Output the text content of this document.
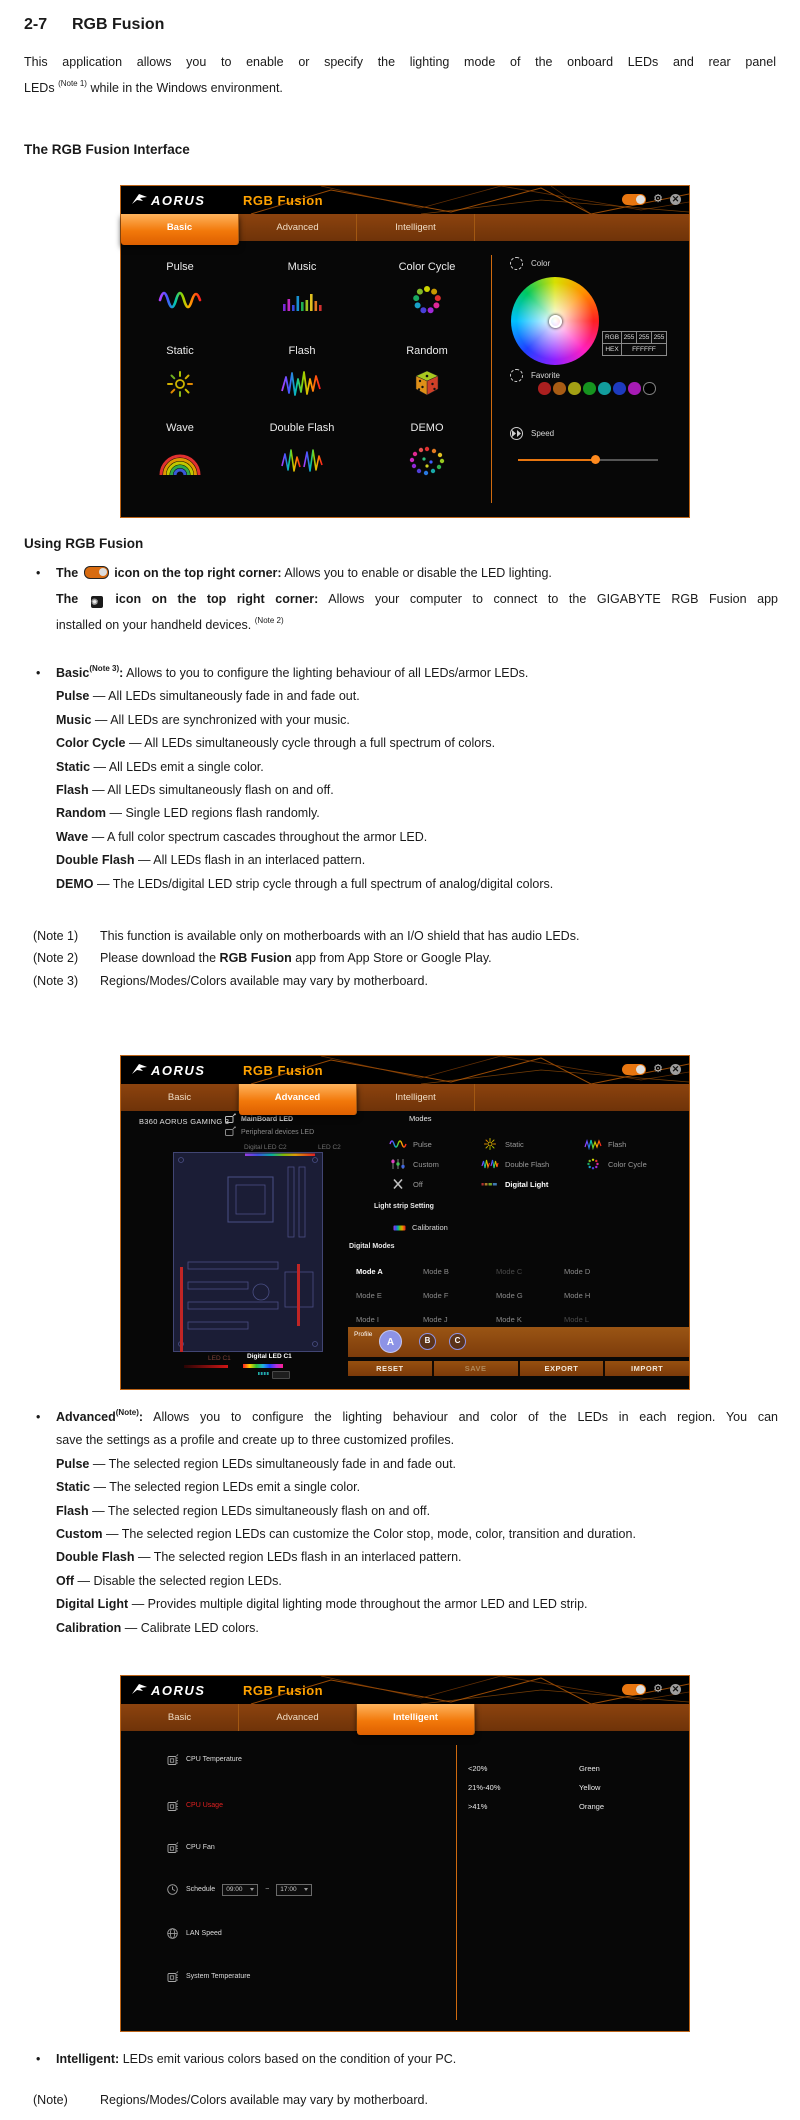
2-7 RGB Fusion
This application allows you to enable or specify the lighting mode of the onboard LEDs and rear panel
LEDs $^{(Note 1)}$ while in the Windows environment.
The RGB Fusion Interface
AORUS	RGB Fusion	⚙ ✕
Basic	Advanced	Intelligent
Pulse	Music	Color Cycle
Static	Flash	Random
Wave	Double Flash	DEMO
Color
RGB 255 255 255
HEX	FFFFFF
Favorite
Speed
Using RGB Fusion
• The	icon on the top right corner: Allows you to enable or disable the LED lighting.
The ✺ icon on the top right corner: Allows your computer to connect to the GIGABYTE RGB Fusion app
installed on your handheld devices. $^{(Note 2)}$
• Basic$^{(Note 3)}$: Allows to you to configure the lighting behaviour of all LEDs/armor LEDs.
Pulse — All LEDs simultaneously fade in and fade out.
Music — All LEDs are synchronized with your music.
Color Cycle — All LEDs simultaneously cycle through a full spectrum of colors.
Static — All LEDs emit a single color.
Flash — All LEDs simultaneously flash on and off.
Random — Single LED regions flash randomly.
Wave — A full color spectrum cascades throughout the armor LED.
Double Flash — All LEDs flash in an interlaced pattern.
DEMO — The LEDs/digital LED strip cycle through a full spectrum of analog/digital colors.
(Note 1) This function is available only on motherboards with an I/O shield that has audio LEDs.
(Note 2) Please download the RGB Fusion app from App Store or Google Play.
(Note 3) Regions/Modes/Colors available may vary by motherboard.
AORUS	RGB Fusion	⚙ ✕
Basic	Advanced	Intelligent
B360 AORUS GAMING 3 MainBoard LED
Peripheral devices LED
Digital LED C2	LED C2
LED C1 Digital LED C1
Modes
Pulse	Static	Flash
Custom	Double Flash	Color Cycle
Off	Digital Light
Light strip Setting
Calibration
Digital Modes
Mode A	Mode B	Mode C	Mode D
Mode E	Mode F	Mode G	Mode H
Mode I	Mode J	Mode K	Mode L
Profile
A	B	C
RESET	SAVE	EXPORT	IMPORT
• Advanced$^{(Note)}$: Allows you to configure the lighting behaviour and color of the LEDs in each region. You can
save the settings as a profile and create up to three customized profiles.
Pulse — The selected region LEDs simultaneously fade in and fade out.
Static — The selected region LEDs emit a single color.
Flash — The selected region LEDs simultaneously flash on and off.
Custom — The selected region LEDs can customize the Color stop, mode, color, transition and duration.
Double Flash — The selected region LEDs flash in an interlaced pattern.
Off — Disable the selected region LEDs.
Digital Light — Provides multiple digital lighting mode throughout the armor LED and LED strip.
Calibration — Calibrate LED colors.
AORUS	RGB Fusion	⚙ ✕
Basic	Advanced	Intelligent
CPU Temperature
CPU Usage
CPU Fan
Schedule 09:00	~ 17:00
LAN Speed
System Temperature
<20%	Green
21%-40%	Yellow
>41%	Orange
• Intelligent: LEDs emit various colors based on the condition of your PC.
(Note)	Regions/Modes/Colors available may vary by motherboard.
